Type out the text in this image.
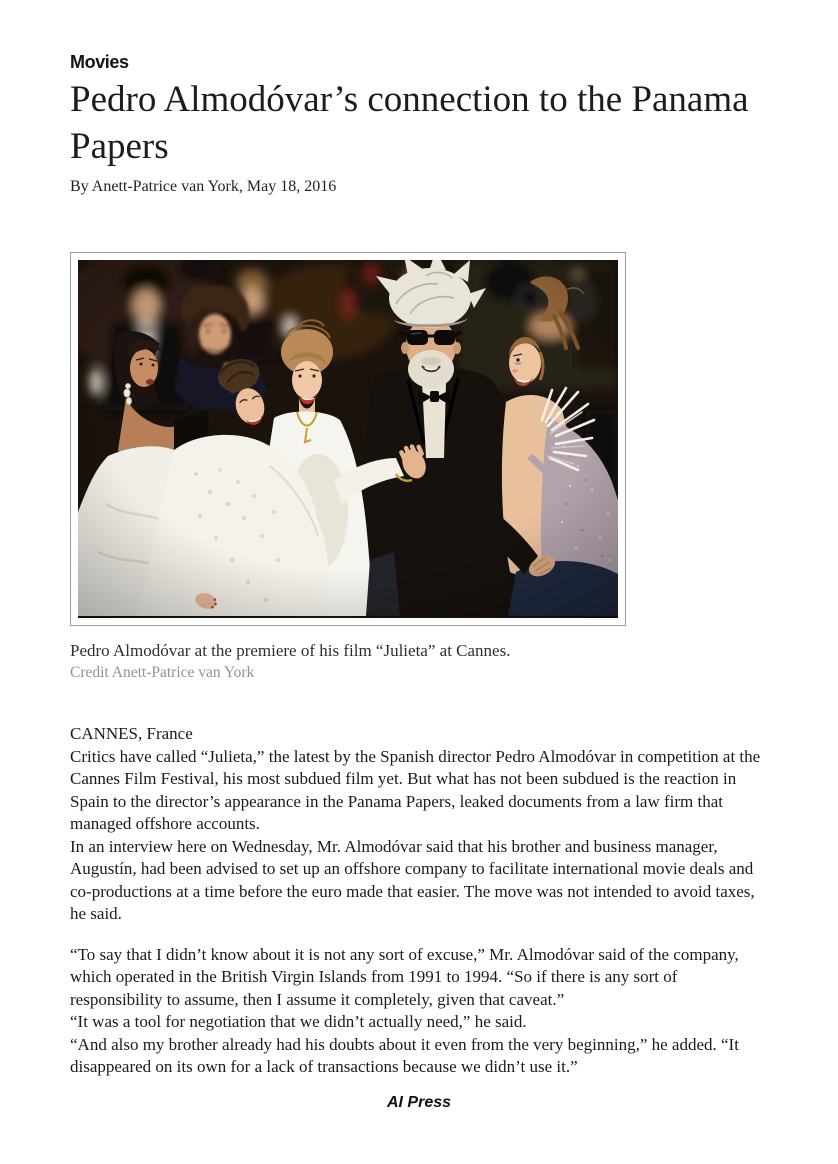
Movies
Pedro Almodóvar’s connection to the Panama Papers
By Anett-Patrice van York, May 18, 2016
Pedro Almodóvar at the premiere of his film “Julieta” at Cannes.
Credit Anett-Patrice van York

CANNES, France
Critics have called “Julieta,” the latest by the Spanish director Pedro Almodóvar in competition at the Cannes Film Festival, his most subdued film yet. But what has not been subdued is the reaction in Spain to the director’s appearance in the Panama Papers, leaked documents from a law firm that managed offshore accounts.
In an interview here on Wednesday, Mr. Almodóvar said that his brother and business manager, Augustín, had been advised to set up an offshore company to facilitate international movie deals and co-productions at a time before the euro made that easier. The move was not intended to avoid taxes, he said.

“To say that I didn’t know about it is not any sort of excuse,” Mr. Almodóvar said of the company, which operated in the British Virgin Islands from 1991 to 1994. “So if there is any sort of responsibility to assume, then I assume it completely, given that caveat.”
“It was a tool for negotiation that we didn’t actually need,” he said.
“And also my brother already had his doubts about it even from the very beginning,” he added. “It disappeared on its own for a lack of transactions because we didn’t use it.”

AI Press
